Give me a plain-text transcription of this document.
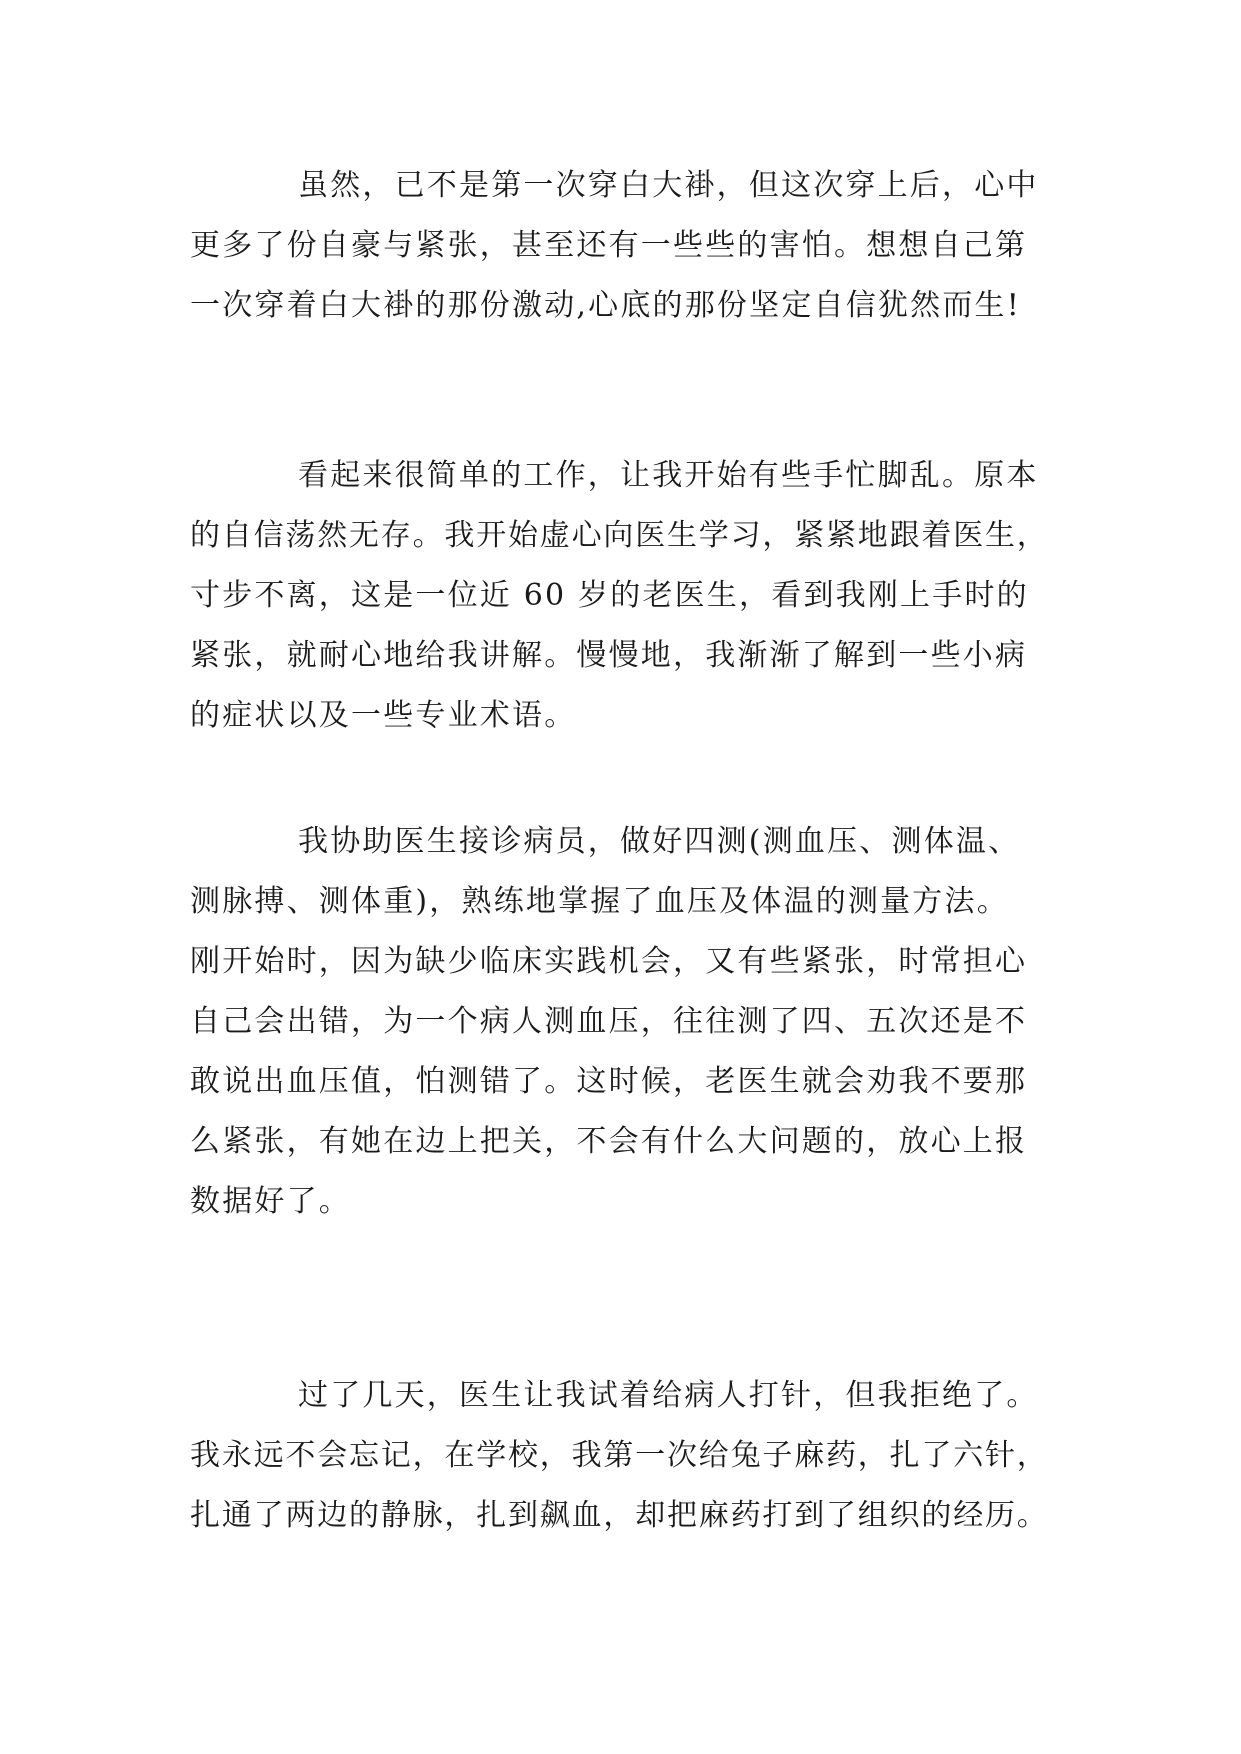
虽然，已不是第一次穿白大褂，但这次穿上后，心中
更多了份自豪与紧张，甚至还有一些些的害怕。想想自己第
一次穿着白大褂的那份激动,心底的那份坚定自信犹然而生!
看起来很简单的工作，让我开始有些手忙脚乱。原本
的自信荡然无存。我开始虚心向医生学习，紧紧地跟着医生，
寸步不离，这是一位近 60 岁的老医生，看到我刚上手时的
紧张，就耐心地给我讲解。慢慢地，我渐渐了解到一些小病
的症状以及一些专业术语。
我协助医生接诊病员，做好四测(测血压、测体温、
测脉搏、测体重)，熟练地掌握了血压及体温的测量方法。
刚开始时，因为缺少临床实践机会，又有些紧张，时常担心
自己会出错，为一个病人测血压，往往测了四、五次还是不
敢说出血压值，怕测错了。这时候，老医生就会劝我不要那
么紧张，有她在边上把关，不会有什么大问题的，放心上报
数据好了。
过了几天，医生让我试着给病人打针，但我拒绝了。
我永远不会忘记，在学校，我第一次给兔子麻药，扎了六针，
扎通了两边的静脉，扎到飙血，却把麻药打到了组织的经历。
